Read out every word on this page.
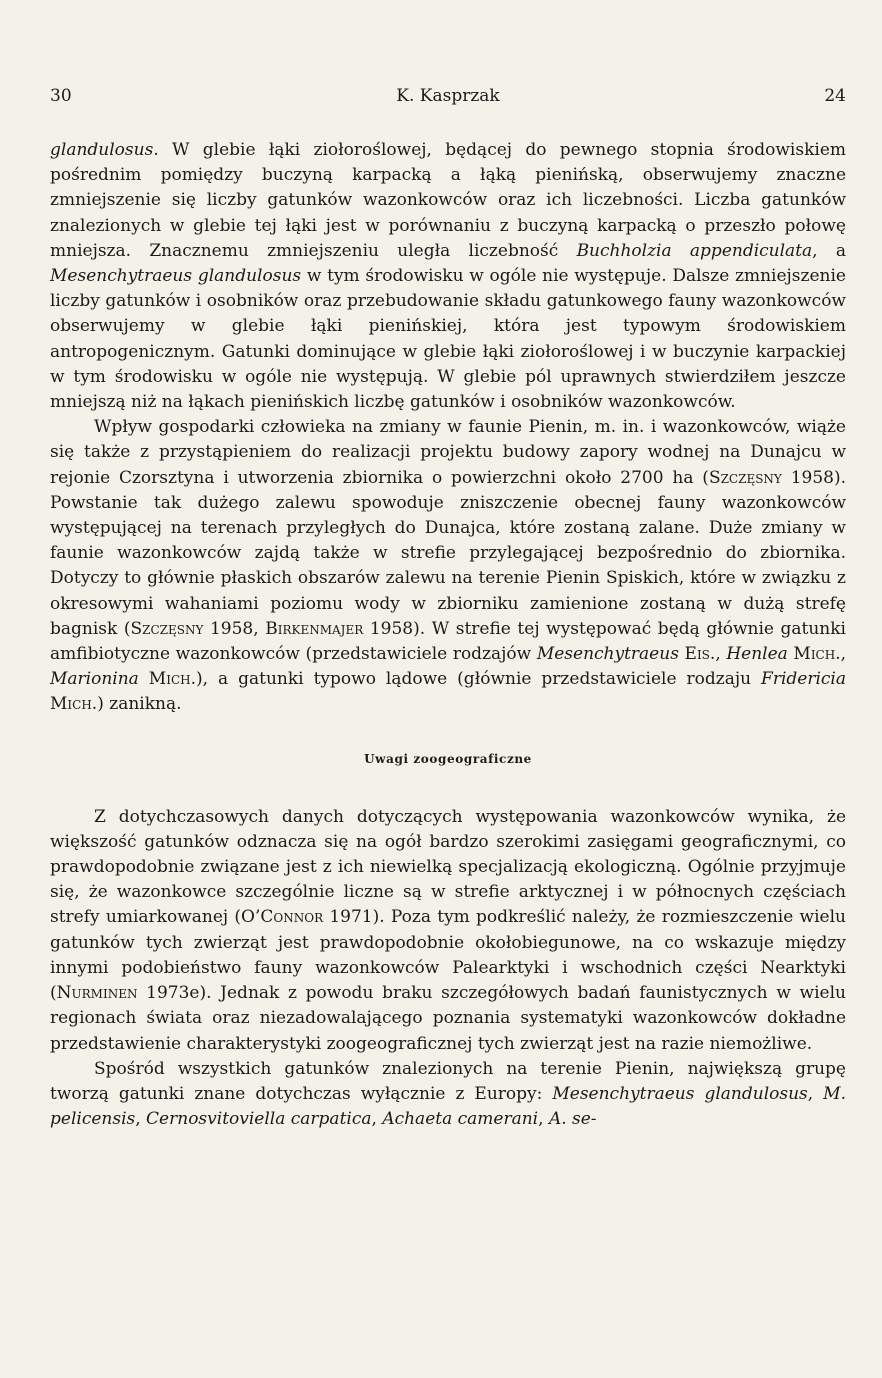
30	K. Kasprzak	24

glandulosus. W glebie łąki ziołoroślowej, będącej do pewnego stopnia środowiskiem pośrednim pomiędzy buczyną karpacką a łąką pienińską, obserwujemy znaczne zmniejszenie się liczby gatunków wazonkowców oraz ich liczebności. Liczba gatunków znalezionych w glebie tej łąki jest w porównaniu z buczyną karpacką o przeszło połowę mniejsza. Znacznemu zmniejszeniu uległa liczebność Buchholzia appendiculata, a Mesenchytraeus glandulosus w tym środowisku w ogóle nie występuje. Dalsze zmniejszenie liczby gatunków i osobników oraz przebudowanie składu gatunkowego fauny wazonkowców obserwujemy w glebie łąki pienińskiej, która jest typowym środowiskiem antropogenicznym. Gatunki dominujące w glebie łąki ziołoroślowej i w buczynie karpackiej w tym środowisku w ogóle nie występują. W glebie pól uprawnych stwierdziłem jeszcze mniejszą niż na łąkach pienińskich liczbę gatunków i osobników wazonkowców.

Wpływ gospodarki człowieka na zmiany w faunie Pienin, m. in. i wazonkowców, wiąże się także z przystąpieniem do realizacji projektu budowy zapory wodnej na Dunajcu w rejonie Czorsztyna i utworzenia zbiornika o powierzchni około 2700 ha (Szczęsny 1958). Powstanie tak dużego zalewu spowoduje zniszczenie obecnej fauny wazonkowców występującej na terenach przyległych do Dunajca, które zostaną zalane. Duże zmiany w faunie wazonkowców zajdą także w strefie przylegającej bezpośrednio do zbiornika. Dotyczy to głównie płaskich obszarów zalewu na terenie Pienin Spiskich, które w związku z okresowymi wahaniami poziomu wody w zbiorniku zamienione zostaną w dużą strefę bagnisk (Szczęsny 1958, Birkenmajer 1958). W strefie tej występować będą głównie gatunki amfibiotyczne wazonkowców (przedstawiciele rodzajów Mesenchytraeus Eis., Henlea Mich., Marionina Mich.), a gatunki typowo lądowe (głównie przedstawiciele rodzaju Fridericia Mich.) zanikną.

Uwagi zoogeograficzne

Z dotychczasowych danych dotyczących występowania wazonkowców wynika, że większość gatunków odznacza się na ogół bardzo szerokimi zasięgami geograficznymi, co prawdopodobnie związane jest z ich niewielką specjalizacją ekologiczną. Ogólnie przyjmuje się, że wazonkowce szczególnie liczne są w strefie arktycznej i w północnych częściach strefy umiarkowanej (O’Connor 1971). Poza tym podkreślić należy, że rozmieszczenie wielu gatunków tych zwierząt jest prawdopodobnie okołobiegunowe, na co wskazuje między innymi podobieństwo fauny wazonkowców Palearktyki i wschodnich części Nearktyki (Nurminen 1973e). Jednak z powodu braku szczegółowych badań faunistycznych w wielu regionach świata oraz niezadowalającego poznania systematyki wazonkowców dokładne przedstawienie charakterystyki zoogeograficznej tych zwierząt jest na razie niemożliwe.

Spośród wszystkich gatunków znalezionych na terenie Pienin, największą grupę tworzą gatunki znane dotychczas wyłącznie z Europy: Mesenchytraeus glandulosus, M. pelicensis, Cernosvitoviella carpatica, Achaeta camerani, A. se-
